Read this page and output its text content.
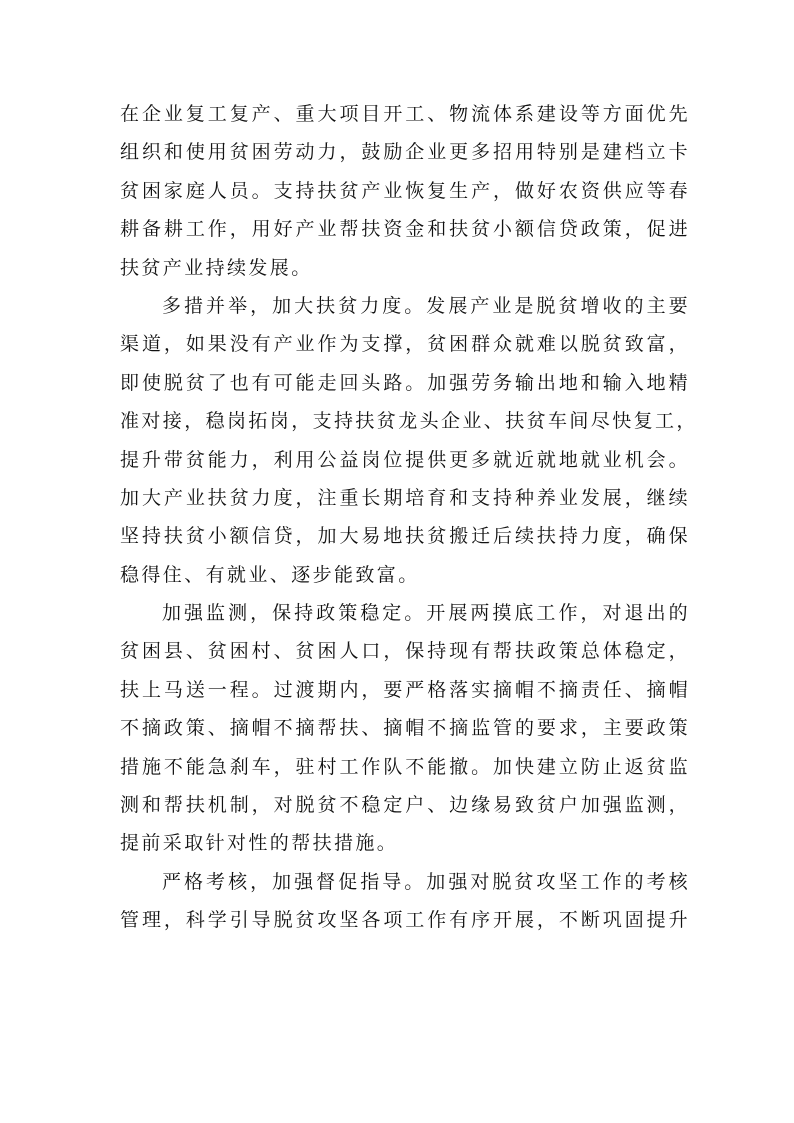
在企业复工复产、重大项目开工、物流体系建设等方面优先
组织和使用贫困劳动力，鼓励企业更多招用特别是建档立卡
贫困家庭人员。支持扶贫产业恢复生产，做好农资供应等春
耕备耕工作，用好产业帮扶资金和扶贫小额信贷政策，促进
扶贫产业持续发展。
多措并举，加大扶贫力度。发展产业是脱贫增收的主要
渠道，如果没有产业作为支撑，贫困群众就难以脱贫致富，
即使脱贫了也有可能走回头路。加强劳务输出地和输入地精
准对接，稳岗拓岗，支持扶贫龙头企业、扶贫车间尽快复工，
提升带贫能力，利用公益岗位提供更多就近就地就业机会。
加大产业扶贫力度，注重长期培育和支持种养业发展，继续
坚持扶贫小额信贷，加大易地扶贫搬迁后续扶持力度，确保
稳得住、有就业、逐步能致富。
加强监测，保持政策稳定。开展两摸底工作，对退出的
贫困县、贫困村、贫困人口，保持现有帮扶政策总体稳定，
扶上马送一程。过渡期内，要严格落实摘帽不摘责任、摘帽
不摘政策、摘帽不摘帮扶、摘帽不摘监管的要求，主要政策
措施不能急刹车，驻村工作队不能撤。加快建立防止返贫监
测和帮扶机制，对脱贫不稳定户、边缘易致贫户加强监测，
提前采取针对性的帮扶措施。
严格考核，加强督促指导。加强对脱贫攻坚工作的考核
管理，科学引导脱贫攻坚各项工作有序开展，不断巩固提升
